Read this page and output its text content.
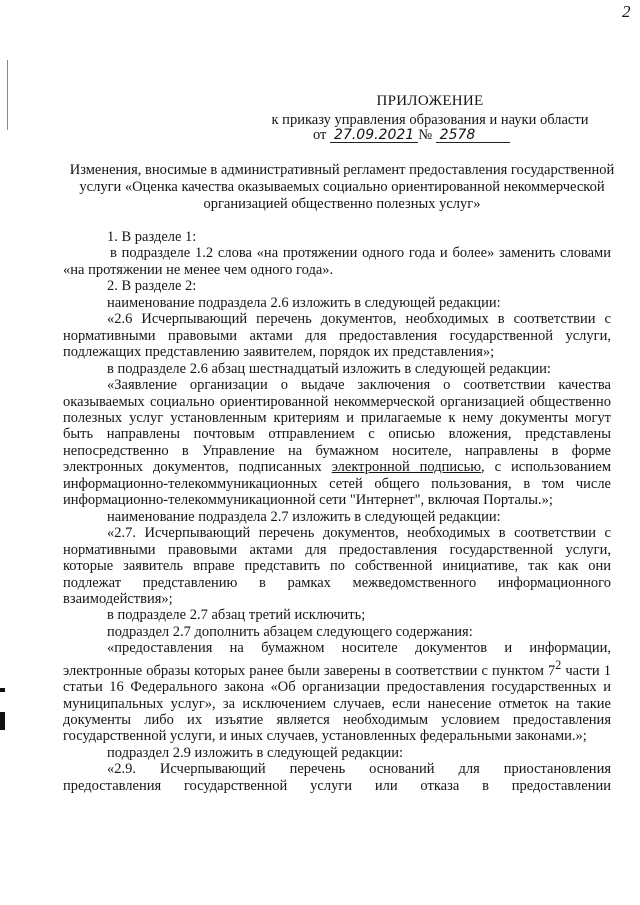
2
ПРИЛОЖЕНИЕ
к приказу управления образования и науки области
от 27.09.2021 № 2578
Изменения, вносимые в административный регламент предоставления государственной услуги «Оценка качества оказываемых социально ориентированной некоммерческой организацией общественно полезных услуг»

1. В разделе 1:

в подразделе 1.2 слова «на протяжении одного года и более» заменить словами «на протяжении не менее чем одного года».

2. В разделе 2:

наименование подраздела 2.6 изложить в следующей редакции:

«2.6 Исчерпывающий перечень документов, необходимых в соответствии с нормативными правовыми актами для предоставления государственной услуги, подлежащих представлению заявителем, порядок их представления»;

в подразделе 2.6 абзац шестнадцатый изложить в следующей редакции:

«Заявление организации о выдаче заключения о соответствии качества оказываемых социально ориентированной некоммерческой организацией общественно полезных услуг установленным критериям и прилагаемые к нему документы могут быть направлены почтовым отправлением с описью вложения, представлены непосредственно в Управление на бумажном носителе, направлены в форме электронных документов, подписанных электронной подписью, с использованием информационно-телекоммуникационных сетей общего пользования, в том числе информационно-телекоммуникационной сети "Интернет", включая Порталы.»;

наименование подраздела 2.7 изложить в следующей редакции:

«2.7. Исчерпывающий перечень документов, необходимых в соответствии с нормативными правовыми актами для предоставления государственной услуги, которые заявитель вправе представить по собственной инициативе, так как они подлежат представлению в рамках межведомственного информационного взаимодействия»;

в подразделе 2.7 абзац третий исключить;

подраздел 2.7 дополнить абзацем следующего содержания:

«предоставления на бумажном носителе документов и информации, электронные образы которых ранее были заверены в соответствии с пунктом $7^2$ части 1 статьи 16 Федерального закона «Об организации предоставления государственных и муниципальных услуг», за исключением случаев, если нанесение отметок на такие документы либо их изъятие является необходимым условием предоставления государственной услуги, и иных случаев, установленных федеральными законами.»;

подраздел 2.9 изложить в следующей редакции:

«2.9. Исчерпывающий перечень оснований для приостановления предоставления государственной услуги или отказа в предоставлении
